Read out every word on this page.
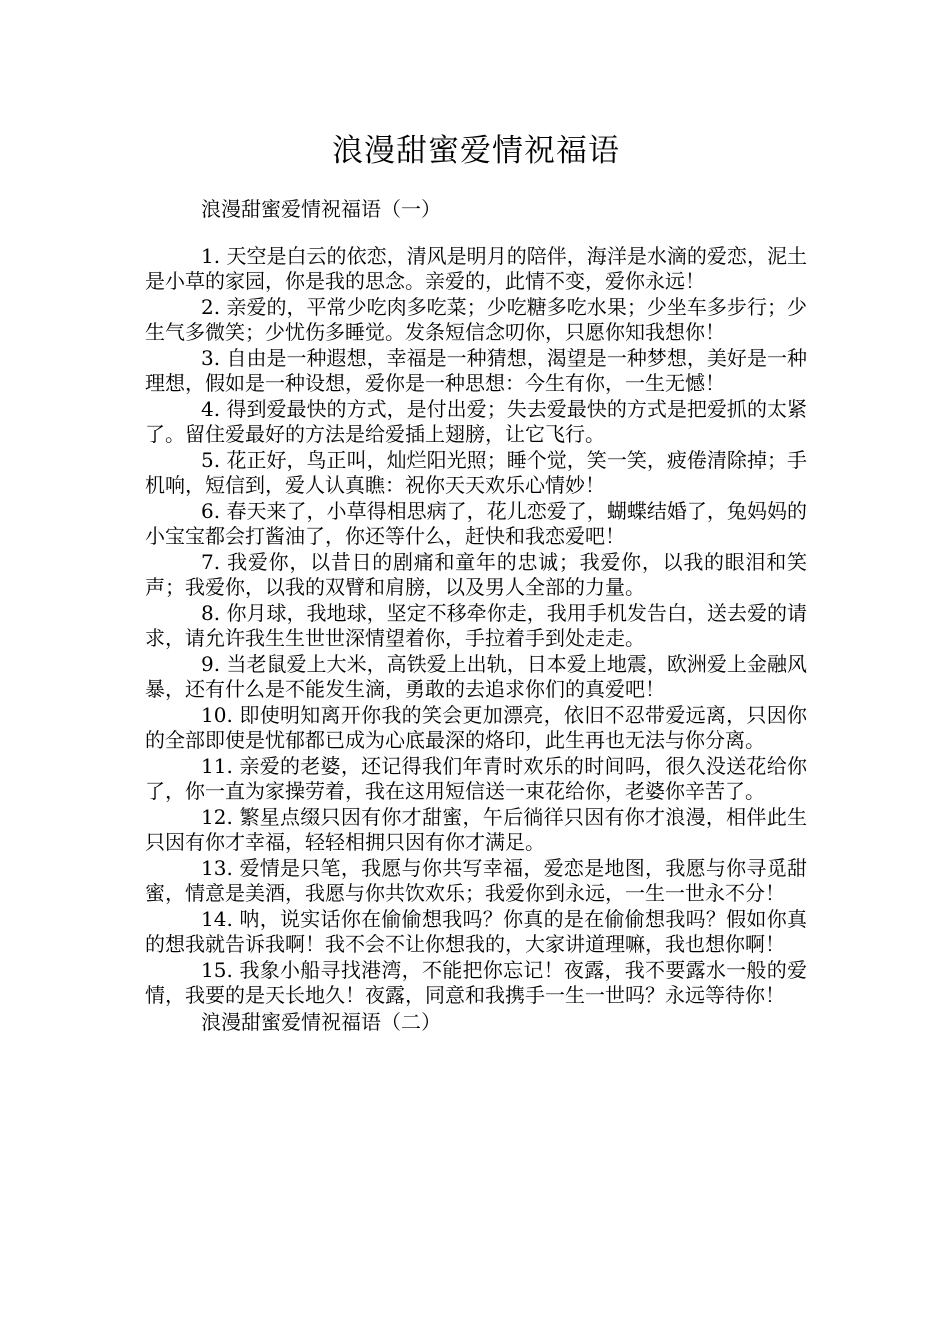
浪漫甜蜜爱情祝福语

浪漫甜蜜爱情祝福语（一）

1. 天空是白云的依恋，清风是明月的陪伴，海洋是水滴的爱恋，泥土是小草的家园，你是我的思念。亲爱的，此情不变，爱你永远！

2. 亲爱的，平常少吃肉多吃菜；少吃糖多吃水果；少坐车多步行；少生气多微笑；少忧伤多睡觉。发条短信念叨你，只愿你知我想你！

3. 自由是一种遐想，幸福是一种猜想，渴望是一种梦想，美好是一种理想，假如是一种设想，爱你是一种思想：今生有你，一生无憾！

4. 得到爱最快的方式，是付出爱；失去爱最快的方式是把爱抓的太紧了。留住爱最好的方法是给爱插上翅膀，让它飞行。

5. 花正好，鸟正叫，灿烂阳光照；睡个觉，笑一笑，疲倦清除掉；手机响，短信到，爱人认真瞧：祝你天天欢乐心情妙！

6. 春天来了，小草得相思病了，花儿恋爱了，蝴蝶结婚了，兔妈妈的小宝宝都会打酱油了，你还等什么，赶快和我恋爱吧！

7. 我爱你，以昔日的剧痛和童年的忠诚；我爱你，以我的眼泪和笑声；我爱你，以我的双臂和肩膀，以及男人全部的力量。

8. 你月球，我地球，坚定不移牵你走，我用手机发告白，送去爱的请求，请允许我生生世世深情望着你，手拉着手到处走走。

9. 当老鼠爱上大米，高铁爱上出轨，日本爱上地震，欧洲爱上金融风暴，还有什么是不能发生滴，勇敢的去追求你们的真爱吧！

10. 即使明知离开你我的笑会更加漂亮，依旧不忍带爱远离，只因你的全部即使是忧郁都已成为心底最深的烙印，此生再也无法与你分离。

11. 亲爱的老婆，还记得我们年青时欢乐的时间吗，很久没送花给你了，你一直为家操劳着，我在这用短信送一束花给你，老婆你辛苦了。

12. 繁星点缀只因有你才甜蜜，午后徜徉只因有你才浪漫，相伴此生只因有你才幸福，轻轻相拥只因有你才满足。

13. 爱情是只笔，我愿与你共写幸福，爱恋是地图，我愿与你寻觅甜蜜，情意是美酒，我愿与你共饮欢乐；我爱你到永远，一生一世永不分！

14. 呐，说实话你在偷偷想我吗？你真的是在偷偷想我吗？假如你真的想我就告诉我啊！我不会不让你想我的，大家讲道理嘛，我也想你啊！

15. 我象小船寻找港湾，不能把你忘记！夜露，我不要露水一般的爱情，我要的是天长地久！夜露，同意和我携手一生一世吗？永远等待你！

浪漫甜蜜爱情祝福语（二）
